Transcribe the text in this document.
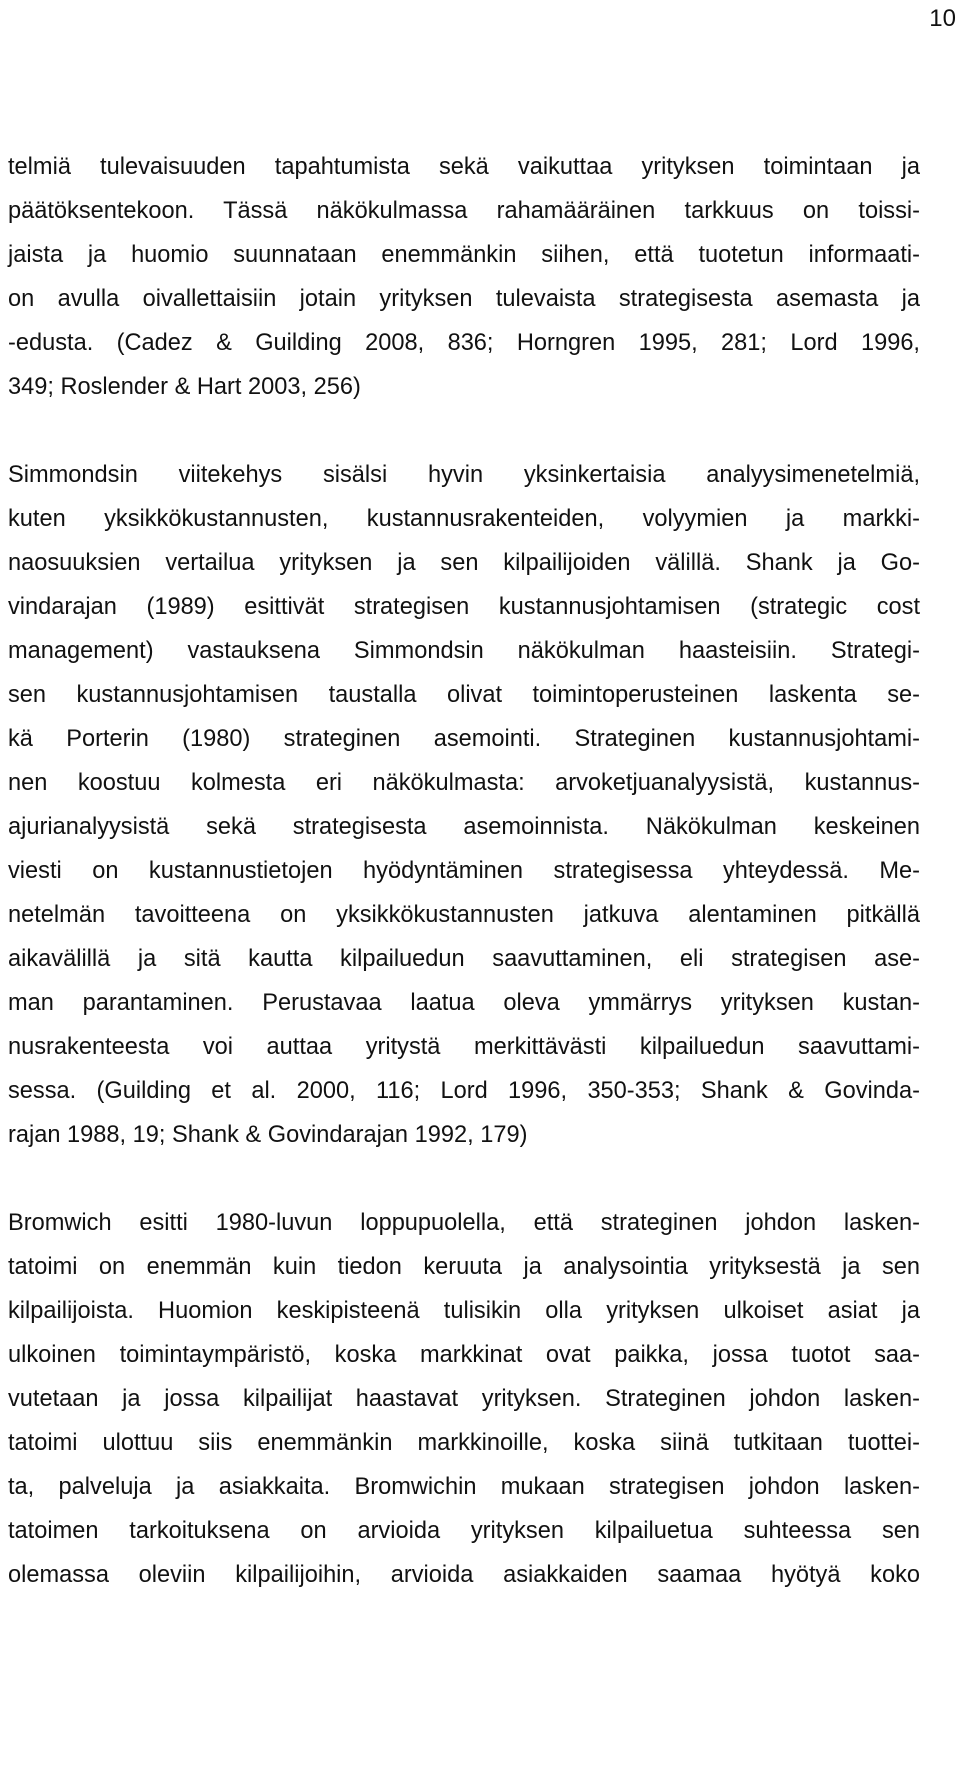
10
telmiä tulevaisuuden tapahtumista sekä vaikuttaa yrityksen toimintaan ja
päätöksentekoon. Tässä näkökulmassa rahamääräinen tarkkuus on toissi-
jaista ja huomio suunnataan enemmänkin siihen, että tuotetun informaati-
on avulla oivallettaisiin jotain yrityksen tulevaista strategisesta asemasta ja
-edusta. (Cadez & Guilding 2008, 836; Horngren 1995, 281; Lord 1996,
349; Roslender & Hart 2003, 256)
Simmondsin viitekehys sisälsi hyvin yksinkertaisia analyysimenetelmiä,
kuten yksikkökustannusten, kustannusrakenteiden, volyymien ja markki-
naosuuksien vertailua yrityksen ja sen kilpailijoiden välillä. Shank ja Go-
vindarajan (1989) esittivät strategisen kustannusjohtamisen (strategic cost
management) vastauksena Simmondsin näkökulman haasteisiin. Strategi-
sen kustannusjohtamisen taustalla olivat toimintoperusteinen laskenta se-
kä Porterin (1980) strateginen asemointi. Strateginen kustannusjohtami-
nen koostuu kolmesta eri näkökulmasta: arvoketjuanalyysistä, kustannus-
ajurianalyysistä sekä strategisesta asemoinnista. Näkökulman keskeinen
viesti on kustannustietojen hyödyntäminen strategisessa yhteydessä. Me-
netelmän tavoitteena on yksikkökustannusten jatkuva alentaminen pitkällä
aikavälillä ja sitä kautta kilpailuedun saavuttaminen, eli strategisen ase-
man parantaminen. Perustavaa laatua oleva ymmärrys yrityksen kustan-
nusrakenteesta voi auttaa yritystä merkittävästi kilpailuedun saavuttami-
sessa. (Guilding et al. 2000, 116; Lord 1996, 350-353; Shank & Govinda-
rajan 1988, 19; Shank & Govindarajan 1992, 179)
Bromwich esitti 1980-luvun loppupuolella, että strateginen johdon lasken-
tatoimi on enemmän kuin tiedon keruuta ja analysointia yrityksestä ja sen
kilpailijoista. Huomion keskipisteenä tulisikin olla yrityksen ulkoiset asiat ja
ulkoinen toimintaympäristö, koska markkinat ovat paikka, jossa tuotot saa-
vutetaan ja jossa kilpailijat haastavat yrityksen. Strateginen johdon lasken-
tatoimi ulottuu siis enemmänkin markkinoille, koska siinä tutkitaan tuottei-
ta, palveluja ja asiakkaita. Bromwichin mukaan strategisen johdon lasken-
tatoimen tarkoituksena on arvioida yrityksen kilpailuetua suhteessa sen
olemassa oleviin kilpailijoihin, arvioida asiakkaiden saamaa hyötyä koko
